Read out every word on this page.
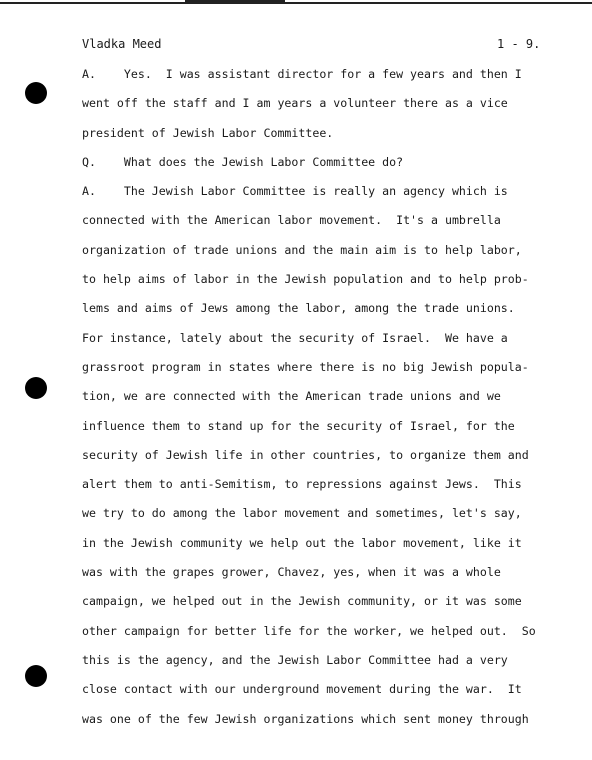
Vladka Meed	1 - 9.
A.    Yes.  I was assistant director for a few years and then I
went off the staff and I am years a volunteer there as a vice
president of Jewish Labor Committee.
Q.    What does the Jewish Labor Committee do?
A.    The Jewish Labor Committee is really an agency which is
connected with the American labor movement.  It's a umbrella
organization of trade unions and the main aim is to help labor,
to help aims of labor in the Jewish population and to help prob-
lems and aims of Jews among the labor, among the trade unions.
For instance, lately about the security of Israel.  We have a
grassroot program in states where there is no big Jewish popula-
tion, we are connected with the American trade unions and we
influence them to stand up for the security of Israel, for the
security of Jewish life in other countries, to organize them and
alert them to anti-Semitism, to repressions against Jews.  This
we try to do among the labor movement and sometimes, let's say,
in the Jewish community we help out the labor movement, like it
was with the grapes grower, Chavez, yes, when it was a whole
campaign, we helped out in the Jewish community, or it was some
other campaign for better life for the worker, we helped out.  So
this is the agency, and the Jewish Labor Committee had a very
close contact with our underground movement during the war.  It
was one of the few Jewish organizations which sent money through
